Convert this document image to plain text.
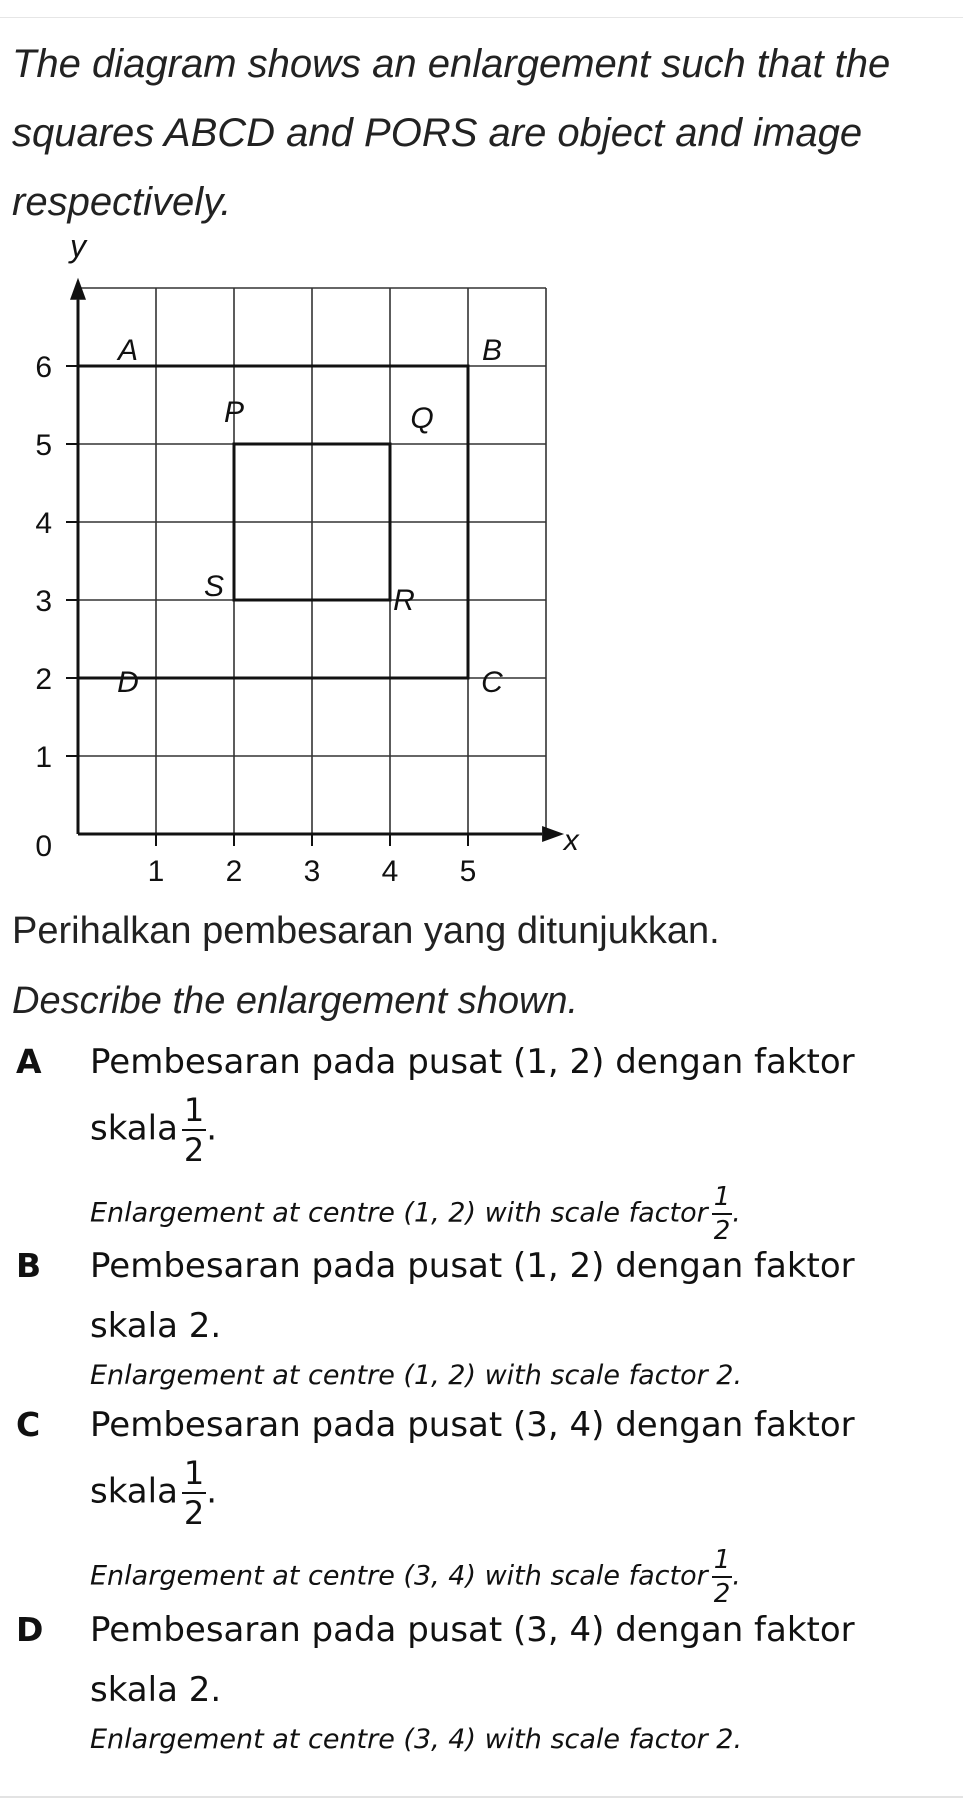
The diagram shows an enlargement such that the squares ABCD and PORS are object and image respectively.

1
2
3
4
5
6
1 2 3 4 5
0	x
y
A	B
C
D
P	Q
R
S

Perihalkan pembesaran yang ditunjukkan.

Describe the enlargement shown.

A Pembesaran pada pusat (1, 2) dengan faktor
skala $\frac{1}{2}$ .
Enlargement at centre (1, 2) with scale factor $\frac{1}{2}$ .
B Pembesaran pada pusat (1, 2) dengan faktor
skala 2.
Enlargement at centre (1, 2) with scale factor 2.
C Pembesaran pada pusat (3, 4) dengan faktor
skala $\frac{1}{2}$ .
Enlargement at centre (3, 4) with scale factor $\frac{1}{2}$ .
D Pembesaran pada pusat (3, 4) dengan faktor
skala 2.
Enlargement at centre (3, 4) with scale factor 2.
